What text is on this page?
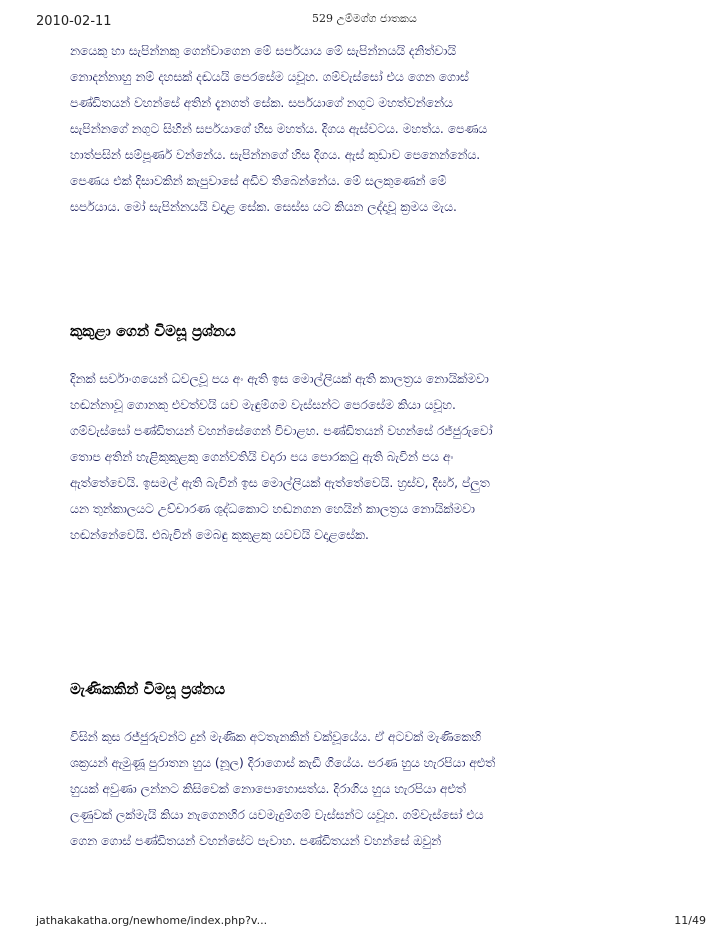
2010-02-11	529 උම්මග්ග ජාතකය

නයෙකු හා සැපින්නකු ගෙන්වාගෙන මේ සර්පයාය මේ සැපින්නයයි දනිත්වායි
නොදන්නාහු නම් දහසක් දඬයයි පෙරසේම යවූහ. ගම්වැස්සෝ එය ගෙන ගොස්
පණ්ඩිතයන් වහන්සේ අතින් දැනගත් සේක. සර්පයාගේ නගුට මහත්වන්නේය
සැපින්නගේ නගුට සිහින් සර්පයාගේ හිස මහත්ය. දිගය ඇස්වටය. මහත්ය. පෙණය
හාත්පසින් සම්පූර්ණ වන්නේය. සැපින්නගේ හිස දිගය. ඇස් කුඩාව පෙනෙන්නේය.
පෙණය එක් දිසාවකින් කැපුවාසේ අඩිව තිබෙන්නේය. මේ සලකුණෙන් මේ
සර්පයාය. මෝ සැපින්නයයි වදාළ සේක. සෙස්ස යට කියන ලද්දාවූ ක්‍රමය මැය.

කුකුළා ගෙන් විමසූ ප්‍රශ්නය

දිනක් සර්වාංගයෙන් ධවලවූ පය අං ඇති ඉස මොල්ලියක් ඇති කාලත්‍රය නොයික්මවා
හඬන්නාවූ ගොනකු එවත්වයි යව මැඳුම්ගම වැස්සන්ට පෙරසේම කියා යවූහ.
ගම්වැස්සෝ පණ්ඩිතයන් වහන්සේගෙන් විචාළහ. පණ්ඩිතයන් වහන්සේ රජ්ජුරුවෝ
තොප අතින් හැළිකුකුළකු ගෙන්වතියි වදාරා පය පොරකටු ඇති බැවින් පය අං
ඇත්තේවෙයි. ඉසමල් ඇති බැවින් ඉස මොල්ලියක් ඇත්තේවෙයි. හ්‍රස්ව, දීර්ඝ, ප්ලුත
යන තුන්කාලයට උච්චාරණ ශුද්ධකොට හඬනගන හෙයින් කාලත්‍රය නොයික්මවා
හඬන්නේවෙයි. එබැවින් මෙබඳු කුකුළකු යවවයි වදාළසේක.

මැණිකකින් විමසූ ප්‍රශ්නය

විසින් කුස රජ්ජුරුවන්ට දුන් මැණික අටතැනකින් වක්වූයේය. ඒ අටවක් මැණිකෙහි
ශක්‍රයන් ඇමුණූ පුරාතන හුය (නූල) දිරාගොස් කැඩී ගියේය. පරණ හුය හැරපියා අළුත්
හුයක් අවුණා ලන්නට කිසිවෙක් නොපොහොසත්ය. දිරාගිය හුය හැරපියා අළුත්
ලණුවක් ලක්මැයි කියා නැගෙනහිර යවමැදුම්ගම් වැස්සන්ට යවූහ. ගම්වැස්සෝ එය
ගෙන ගොස් පණ්ඩිතයන් වහන්සේට පැවාහ. පණ්ඩිතයන් වහන්සේ ඔවුන්

jathakakatha.org/newhome/index.php?v...	11/49
